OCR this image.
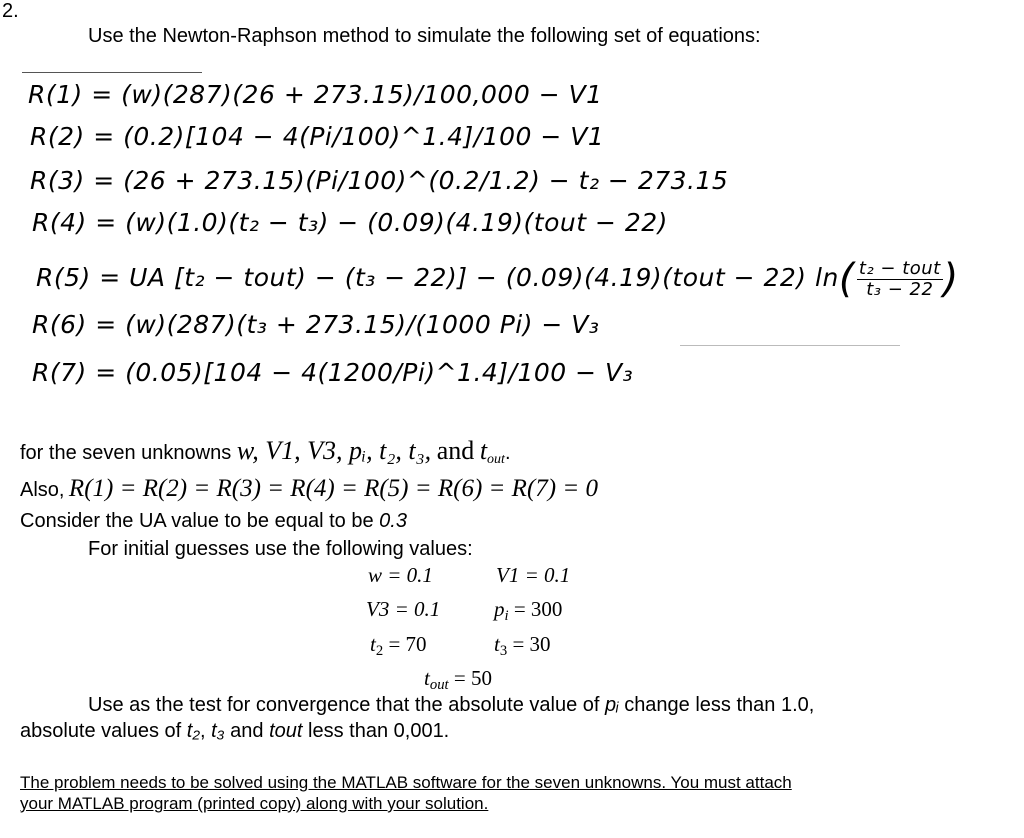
2.
Use the Newton-Raphson method to simulate the following set of equations:
R(1) = (w)(287)(26 + 273.15)/100,000 − V1
R(2) = (0.2)[104 − 4(Pi/100)^1.4]/100 − V1
R(3) = (26 + 273.15)(Pi/100)^(0.2/1.2) − t₂ − 273.15
R(4) = (w)(1.0)(t₂ − t₃) − (0.09)(4.19)(tout − 22)
R(5) = UA [t₂ − tout) − (t₃ − 22)] − (0.09)(4.19)(tout − 22) $\ln( \frac{\text{t₂ − tout}}{\text{t₃ − 22}}$ )
R(6) = (w)(287)(t₃ + 273.15)/(1000 Pi) − V₃
R(7) = (0.05)[104 − 4(1200/Pi)^1.4]/100 − V₃
for the seven unknowns w, V1, V3, pᵢ, t₂, t₃, and $t_{out}$.
Also, R(1) = R(2) = R(3) = R(4) = R(5) = R(6) = R(7) = 0
Consider the UA value to be equal to be 0.3
For initial guesses use the following values:
w = 0.1	V1 = 0.1
V3 = 0.1	$p_i = 300$
$t_2 = 70$	$t_3 = 30$
$t_{out} = 50$
Use as the test for convergence that the absolute value of pᵢ change less than 1.0,
absolute values of t₂, t₃ and tout less than 0,001.
The problem needs to be solved using the MATLAB software for the seven unknowns. You must attach
your MATLAB program (printed copy) along with your solution.
